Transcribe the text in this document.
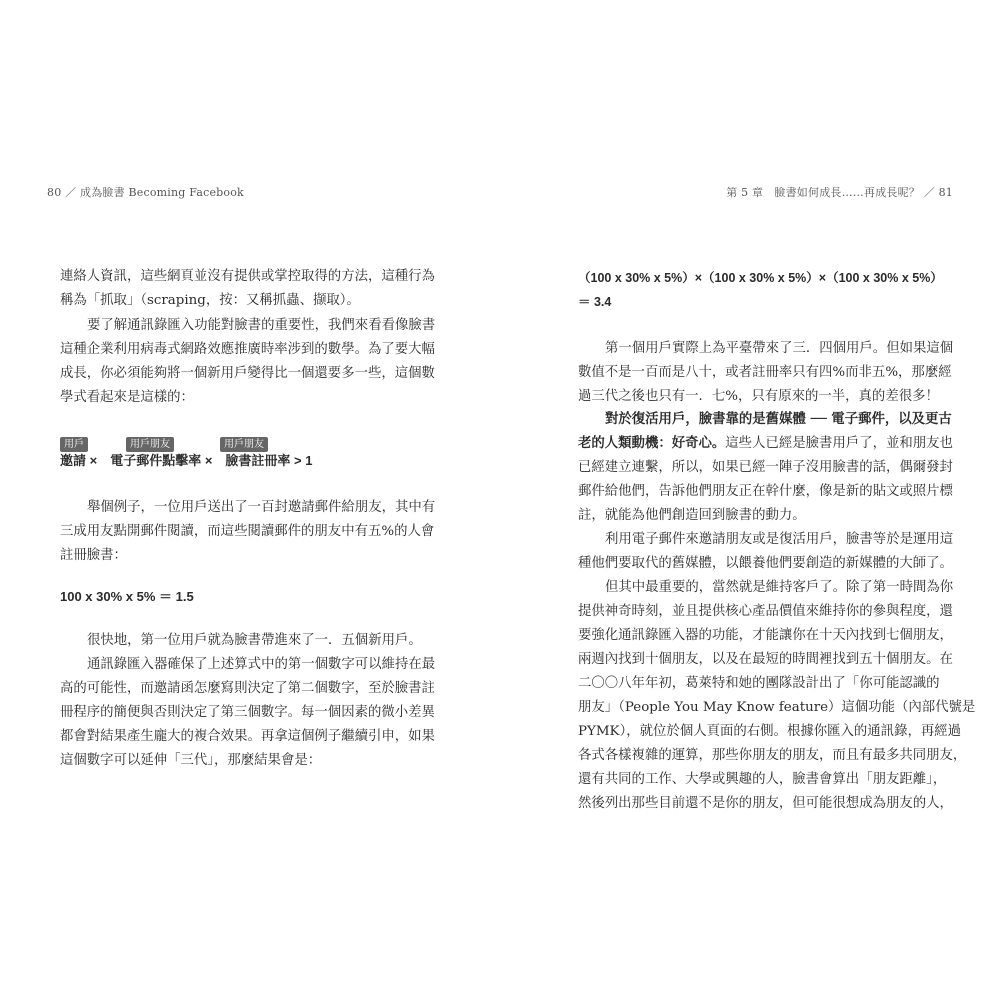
80 ／ 成為臉書 Becoming Facebook	第 5 章　臉書如何成長……再成長呢？ ／ 81
連絡人資訊，這些網頁並沒有提供或掌控取得的方法，這種行為
稱為「抓取」（scraping，按：又稱抓蟲、撷取）。
要了解通訊錄匯入功能對臉書的重要性，我們來看看像臉書
這種企業利用病毒式網路效應推廣時率涉到的數學。為了要大幅
成長，你必須能夠將一個新用戶變得比一個還要多一些，這個數
學式看起來是這樣的：
用戶	用戶朋友	用戶朋友
邀請 ×　電子郵件點擊率 ×　臉書註冊率 > 1
舉個例子，一位用戶送出了一百封邀請郵件給朋友，其中有
三成用友點開郵件閱讀，而這些閱讀郵件的朋友中有五%的人會
註冊臉書：
100 x 30% x 5% ＝ 1.5
很快地，第一位用戶就為臉書帶進來了一．五個新用戶。
通訊錄匯入器確保了上述算式中的第一個數字可以維持在最
高的可能性，而邀請函怎麼寫則決定了第二個數字，至於臉書註
冊程序的簡便與否則決定了第三個數字。每一個因素的微小差異
都會對結果產生龐大的複合效果。再拿這個例子繼續引申，如果
這個數字可以延伸「三代」，那麼結果會是：
（100 x 30% x 5%）×（100 x 30% x 5%）×（100 x 30% x 5%）
＝ 3.4
第一個用戶實際上為平臺帶來了三．四個用戶。但如果這個
數值不是一百而是八十，或者註冊率只有四%而非五%，那麼經
過三代之後也只有一．七%，只有原來的一半，真的差很多！
對於復活用戶，臉書靠的是舊媒體 ── 電子郵件，以及更古
老的人類動機：好奇心。這些人已經是臉書用戶了，並和朋友也
已經建立連繫，所以，如果已經一陣子沒用臉書的話，偶爾發封
郵件給他們，告訴他們朋友正在幹什麼，像是新的貼文或照片標
註，就能為他們創造回到臉書的動力。
利用電子郵件來邀請朋友或是復活用戶，臉書等於是運用這
種他們要取代的舊媒體，以餵養他們要創造的新媒體的大師了。
但其中最重要的，當然就是維持客戶了。除了第一時間為你
提供神奇時刻，並且提供核心產品價值來維持你的參與程度，還
要強化通訊錄匯入器的功能，才能讓你在十天內找到七個朋友，
兩週內找到十個朋友，以及在最短的時間裡找到五十個朋友。在
二〇〇八年年初，葛萊特和她的團隊設計出了「你可能認識的
朋友」（People You May Know feature）這個功能（內部代號是
PYMK），就位於個人頁面的右側。根據你匯入的通訊錄，再經過
各式各樣複雜的運算，那些你朋友的朋友，而且有最多共同朋友，
還有共同的工作、大學或興趣的人，臉書會算出「朋友距離」，
然後列出那些目前還不是你的朋友，但可能很想成為朋友的人，
